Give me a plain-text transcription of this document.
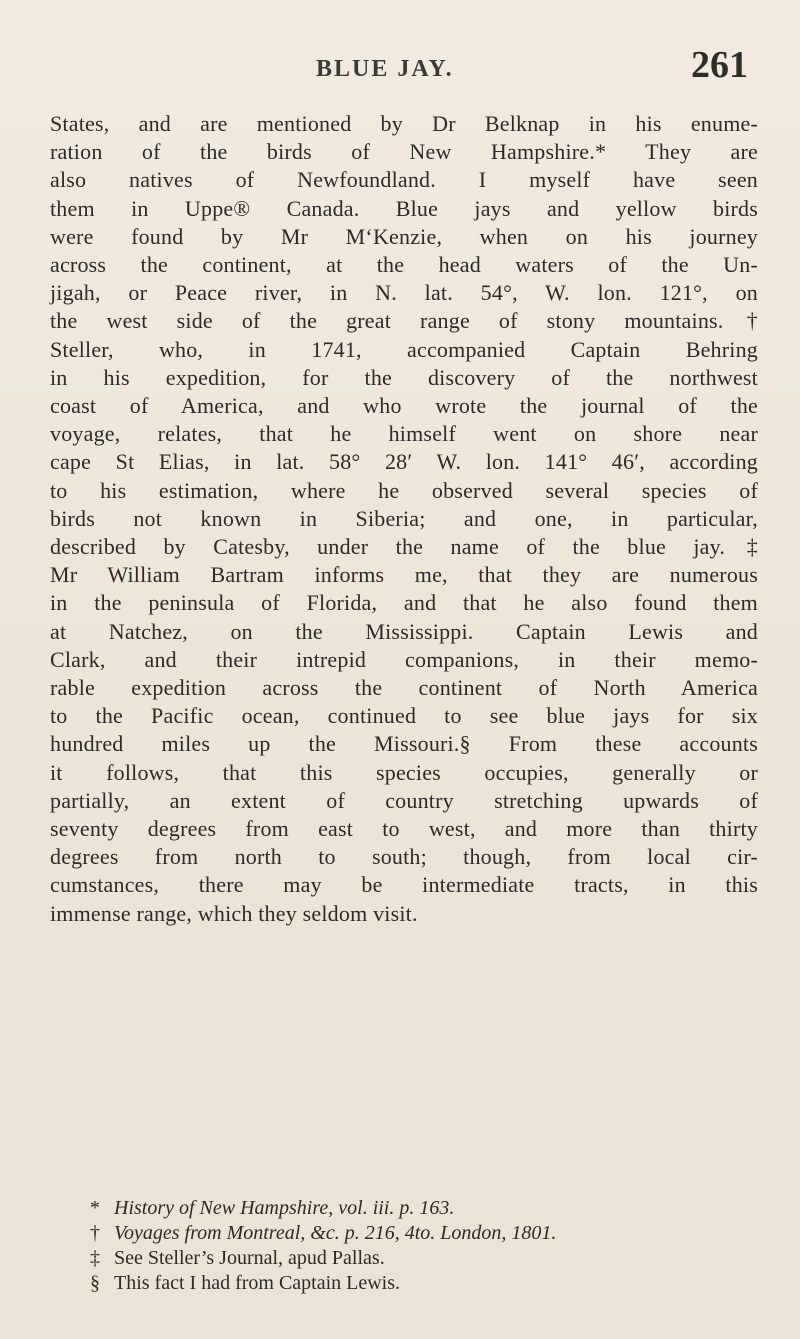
BLUE JAY.	261
States, and are mentioned by Dr Belknap in his enume-
ration of the birds of New Hampshire.* They are
also natives of Newfoundland. I myself have seen
them in Uppe® Canada. Blue jays and yellow birds
were found by Mr M‘Kenzie, when on his journey
across the continent, at the head waters of the Un-
jigah, or Peace river, in N. lat. 54°, W. lon. 121°, on
the west side of the great range of stony mountains.†
Steller, who, in 1741, accompanied Captain Behring
in his expedition, for the discovery of the northwest
coast of America, and who wrote the journal of the
voyage, relates, that he himself went on shore near
cape St Elias, in lat. 58° 28′ W. lon. 141° 46′, according
to his estimation, where he observed several species of
birds not known in Siberia; and one, in particular,
described by Catesby, under the name of the blue jay.‡
Mr William Bartram informs me, that they are numerous
in the peninsula of Florida, and that he also found them
at Natchez, on the Mississippi. Captain Lewis and
Clark, and their intrepid companions, in their memo-
rable expedition across the continent of North America
to the Pacific ocean, continued to see blue jays for six
hundred miles up the Missouri.§ From these accounts
it follows, that this species occupies, generally or
partially, an extent of country stretching upwards of
seventy degrees from east to west, and more than thirty
degrees from north to south; though, from local cir-
cumstances, there may be intermediate tracts, in this
immense range, which they seldom visit.
* History of New Hampshire, vol. iii. p. 163.
† Voyages from Montreal, &c. p. 216, 4to. London, 1801.
‡ See Steller’s Journal, apud Pallas.
§ This fact I had from Captain Lewis.
